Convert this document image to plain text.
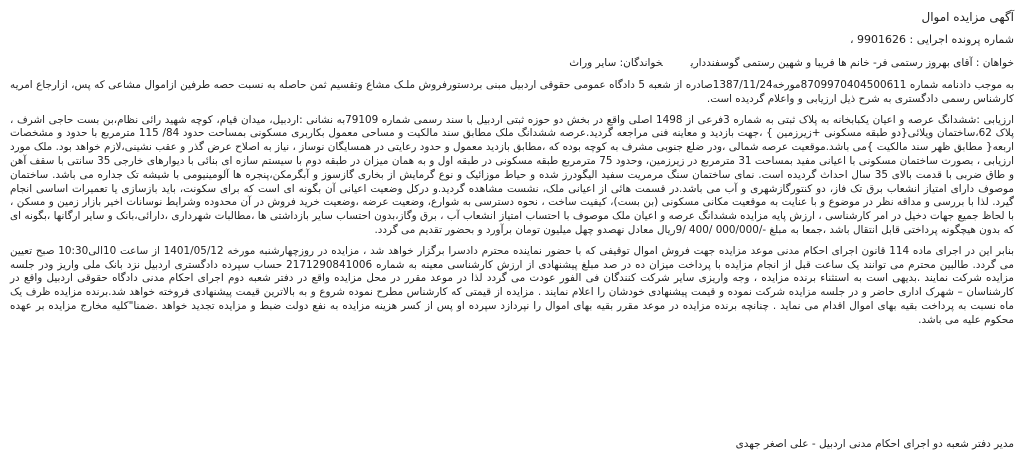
آگهی مزایده اموال
شماره پرونده اجرایی : 9901626 ،
خواهان : آقای بهروز رستمی فر- خانم ها فریبا و شهین رستمی گوسفندداریخواندگان: سایر وراث

به موجب دادنامه شماره 8709970404500611مورخه1387/11/24صادره از شعبه 5 دادگاه عمومی حقوقی اردبیل مبنی بردستورفروش ملـک مشاع وتقسیم ثمن حاصله به نسبت حصه طرفین ازاموال مشاعی که پس، ازارجاع امریه کارشناس رسمی دادگستری به شرح ذیل ارزیابی و واعلام گردیده است.

ارزیابی :ششدانگ عرصه و اعیان یکبابخانه به پلاک ثبتی به شماره 3فرعی از 1498 اصلی واقع در بخش دو حوزه ثبتی اردبیل با سند رسمی شماره 79109به نشانی :اردبیل، میدان قیام، کوچه شهید رائی نظام،بن بست حاجی اشرف ، پلاک 62،ساختمان ویلائی{دو طبقه مسکونی +زیرزمین } ،جهت بازدید و معاینه فنی مراجعه گردید.عرصه ششدانگ ملک مطابق سند مالکیت و مساحی معمول بکاربری مسکونی بمساحت حدود 84/ 115 مترمربع با حدود و مشخصات اربعه{ مطابق ظهر سند مالکیت }می باشد.موقعیت عرصه شمالی ،ودر ضلع جنوبی مشرف به کوچه بوده که ،مطابق بازدید معمول و حدود رعایتی در همسایگان نوساز ، نیاز به اصلاح عرض گذر و عقب نشینی،لازم خواهد بود. ملک مورد ارزیابی ، بصورت ساختمان مسکونی با اعیانی مفید بمساحت 31 مترمربع در زیرزمین، وحدود 75 مترمربع طبقه مسکونی در طبقه اول و به همان میزان در طبقه دوم با سیستم سازه ای بنائی با دیوارهای خارجی 35 سانتی با سقف آهن و طاق ضربی با قدمت بالای 35 سال احداث گردیده است. نمای ساختمان سنگ مرمریت سفید الیگودرز شده و حیاط موزائیک و نوع گرمایش از بخاری گازسوز و آبگرمکن،پنجره ها آلومینیومی با شیشه تک جداره می باشد. ساختمان موصوف دارای امتیاز انشعاب برق تک فاز، دو کنتورگازشهری و آب می باشد.در قسمت هائی از اعیانی ملک، نشست مشاهده گردید.و درکل وضعیت اعیانی آن بگونه ای است که برای سکونت، باید بازسازی یا تعمیرات اساسی انجام گیرد. لذا با بررسی و مداقه نظر در موضوع و با عنایت به موقعیت مکانی مسکونی (بن بست)، کیفیت ساخت ، نحوه دسترسی به شوارع، وضعیت عرضه ،وضعیت خرید فروش در آن محدوده وشرایط نوسانات اخیر بازار زمین و مسکن ، با لحاظ جمیع جهات دخیل در امر کارشناسی ، ارزش پایه مزایده ششدانگ عرصه و اعیان ملک موصوف با احتساب امتیاز انشعاب آب ، برق وگاز،بدون احتساب سایر بازداشتی ها ،مطالبات شهرداری ،دارائی،بانک و سایر ارگانها ،بگونه ای که بدون هیچگونه پرداختی قابل انتقال باشد ،جمعا به مبلغ -/000/000 /400 /9ریال معادل نهصدو چهل میلیون تومان برآورد و بحضور تقدیم می گردد.

بنابر این در اجرای ماده 114 قانون اجرای احکام مدنی موعد مزایده جهت فروش اموال توقیفی که با حضور نماینده محترم دادسرا برگزار خواهد شد ، مزایده در روزچهارشنبه مورخه 1401/05/12 از ساعت 10الی10:30 صبح تعیین می گردد. طالبین محترم می توانند یک ساعت قبل از انجام مزایده با پرداخت میزان ده در صد مبلغ پیشنهادی از ارزش کارشناسی معینه به شماره 2171290841006 حساب سپرده دادگستری اردبیل نزد بانک ملی واریز ودر جلسه مزایده شرکت نمایند .بدیهی است به استثناء برنده مزایده ، وجه واریزی سایر شرکت کنندگان فی الفور عودت می گردد لذا در موعد مقرر در محل مزایده واقع در دفتر شعبه دوم اجرای احکام مدنی دادگاه حقوقی اردبیل واقع در کارشناسان – شهرک اداری حاضر و در جلسه مزایده شرکت نموده و قیمت پیشنهادی خودشان را اعلام نمایند . مزایده از قیمتی که کارشناس مطرح نموده شروع و به بالاترین قیمت پیشنهادی فروخته خواهد شد.برنده مزایده ظرف یک ماه نسبت به پرداخت بقیه بهای اموال اقدام می نماید . چنانچه برنده مزایده در موعد مقرر بقیه بهای اموال را نپردازد سپرده او پس از کسر هزینه مزایده به نفع دولت ضبط و مزایده تجدید خواهد .ضمنا"کلیه مخارج مزایده بر عهده محکوم علیه می باشد.

مدیر دفتر شعبه دو اجرای احکام مدنی اردبیل - علی اصغر جهدی
